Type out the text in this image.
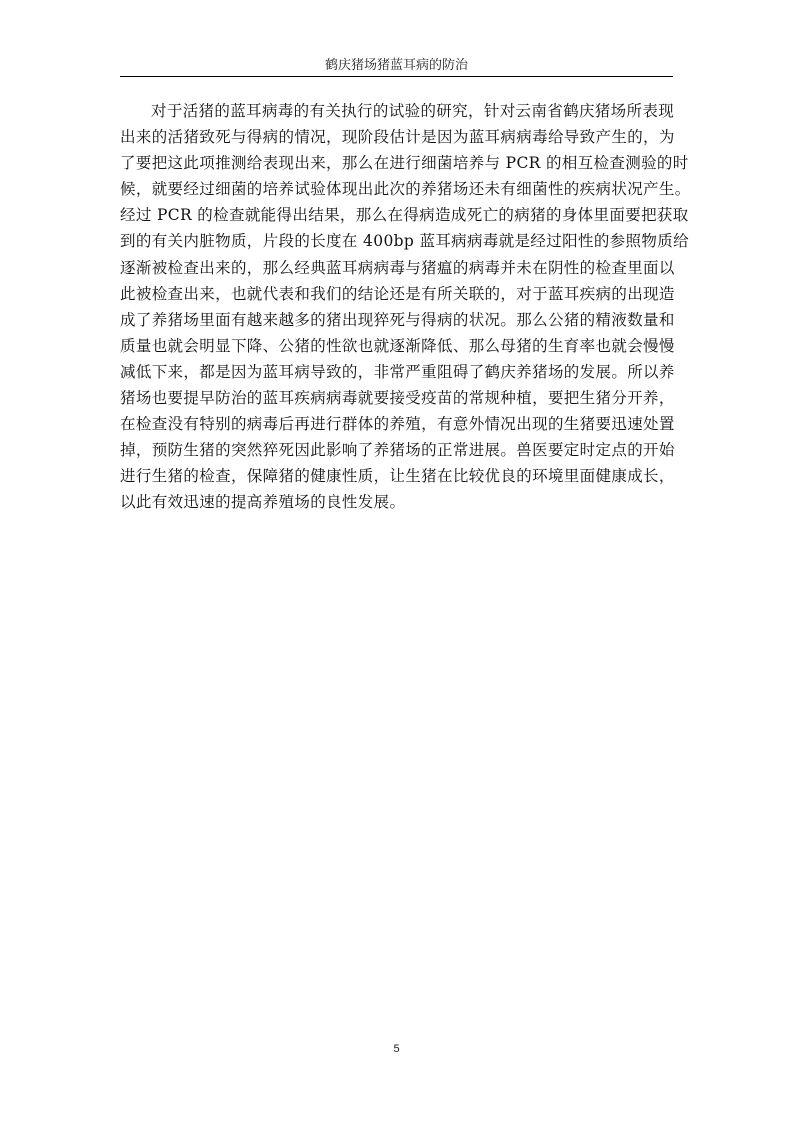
鹤庆猪场猪蓝耳病的防治
对于活猪的蓝耳病毒的有关执行的试验的研究，针对云南省鹤庆猪场所表现
出来的活猪致死与得病的情况，现阶段估计是因为蓝耳病病毒给导致产生的，为
了要把这此项推测给表现出来，那么在进行细菌培养与 PCR 的相互检查测验的时
候，就要经过细菌的培养试验体现出此次的养猪场还未有细菌性的疾病状况产生。
经过 PCR 的检查就能得出结果，那么在得病造成死亡的病猪的身体里面要把获取
到的有关内脏物质，片段的长度在 400bp 蓝耳病病毒就是经过阳性的参照物质给
逐渐被检查出来的，那么经典蓝耳病病毒与猪瘟的病毒并未在阴性的检查里面以
此被检查出来，也就代表和我们的结论还是有所关联的，对于蓝耳疾病的出现造
成了养猪场里面有越来越多的猪出现猝死与得病的状况。那么公猪的精液数量和
质量也就会明显下降、公猪的性欲也就逐渐降低、那么母猪的生育率也就会慢慢
减低下来，都是因为蓝耳病导致的，非常严重阻碍了鹤庆养猪场的发展。所以养
猪场也要提早防治的蓝耳疾病病毒就要接受疫苗的常规种植，要把生猪分开养，
在检查没有特别的病毒后再进行群体的养殖，有意外情况出现的生猪要迅速处置
掉，预防生猪的突然猝死因此影响了养猪场的正常进展。兽医要定时定点的开始
进行生猪的检查，保障猪的健康性质，让生猪在比较优良的环境里面健康成长，
以此有效迅速的提高养殖场的良性发展。
5
